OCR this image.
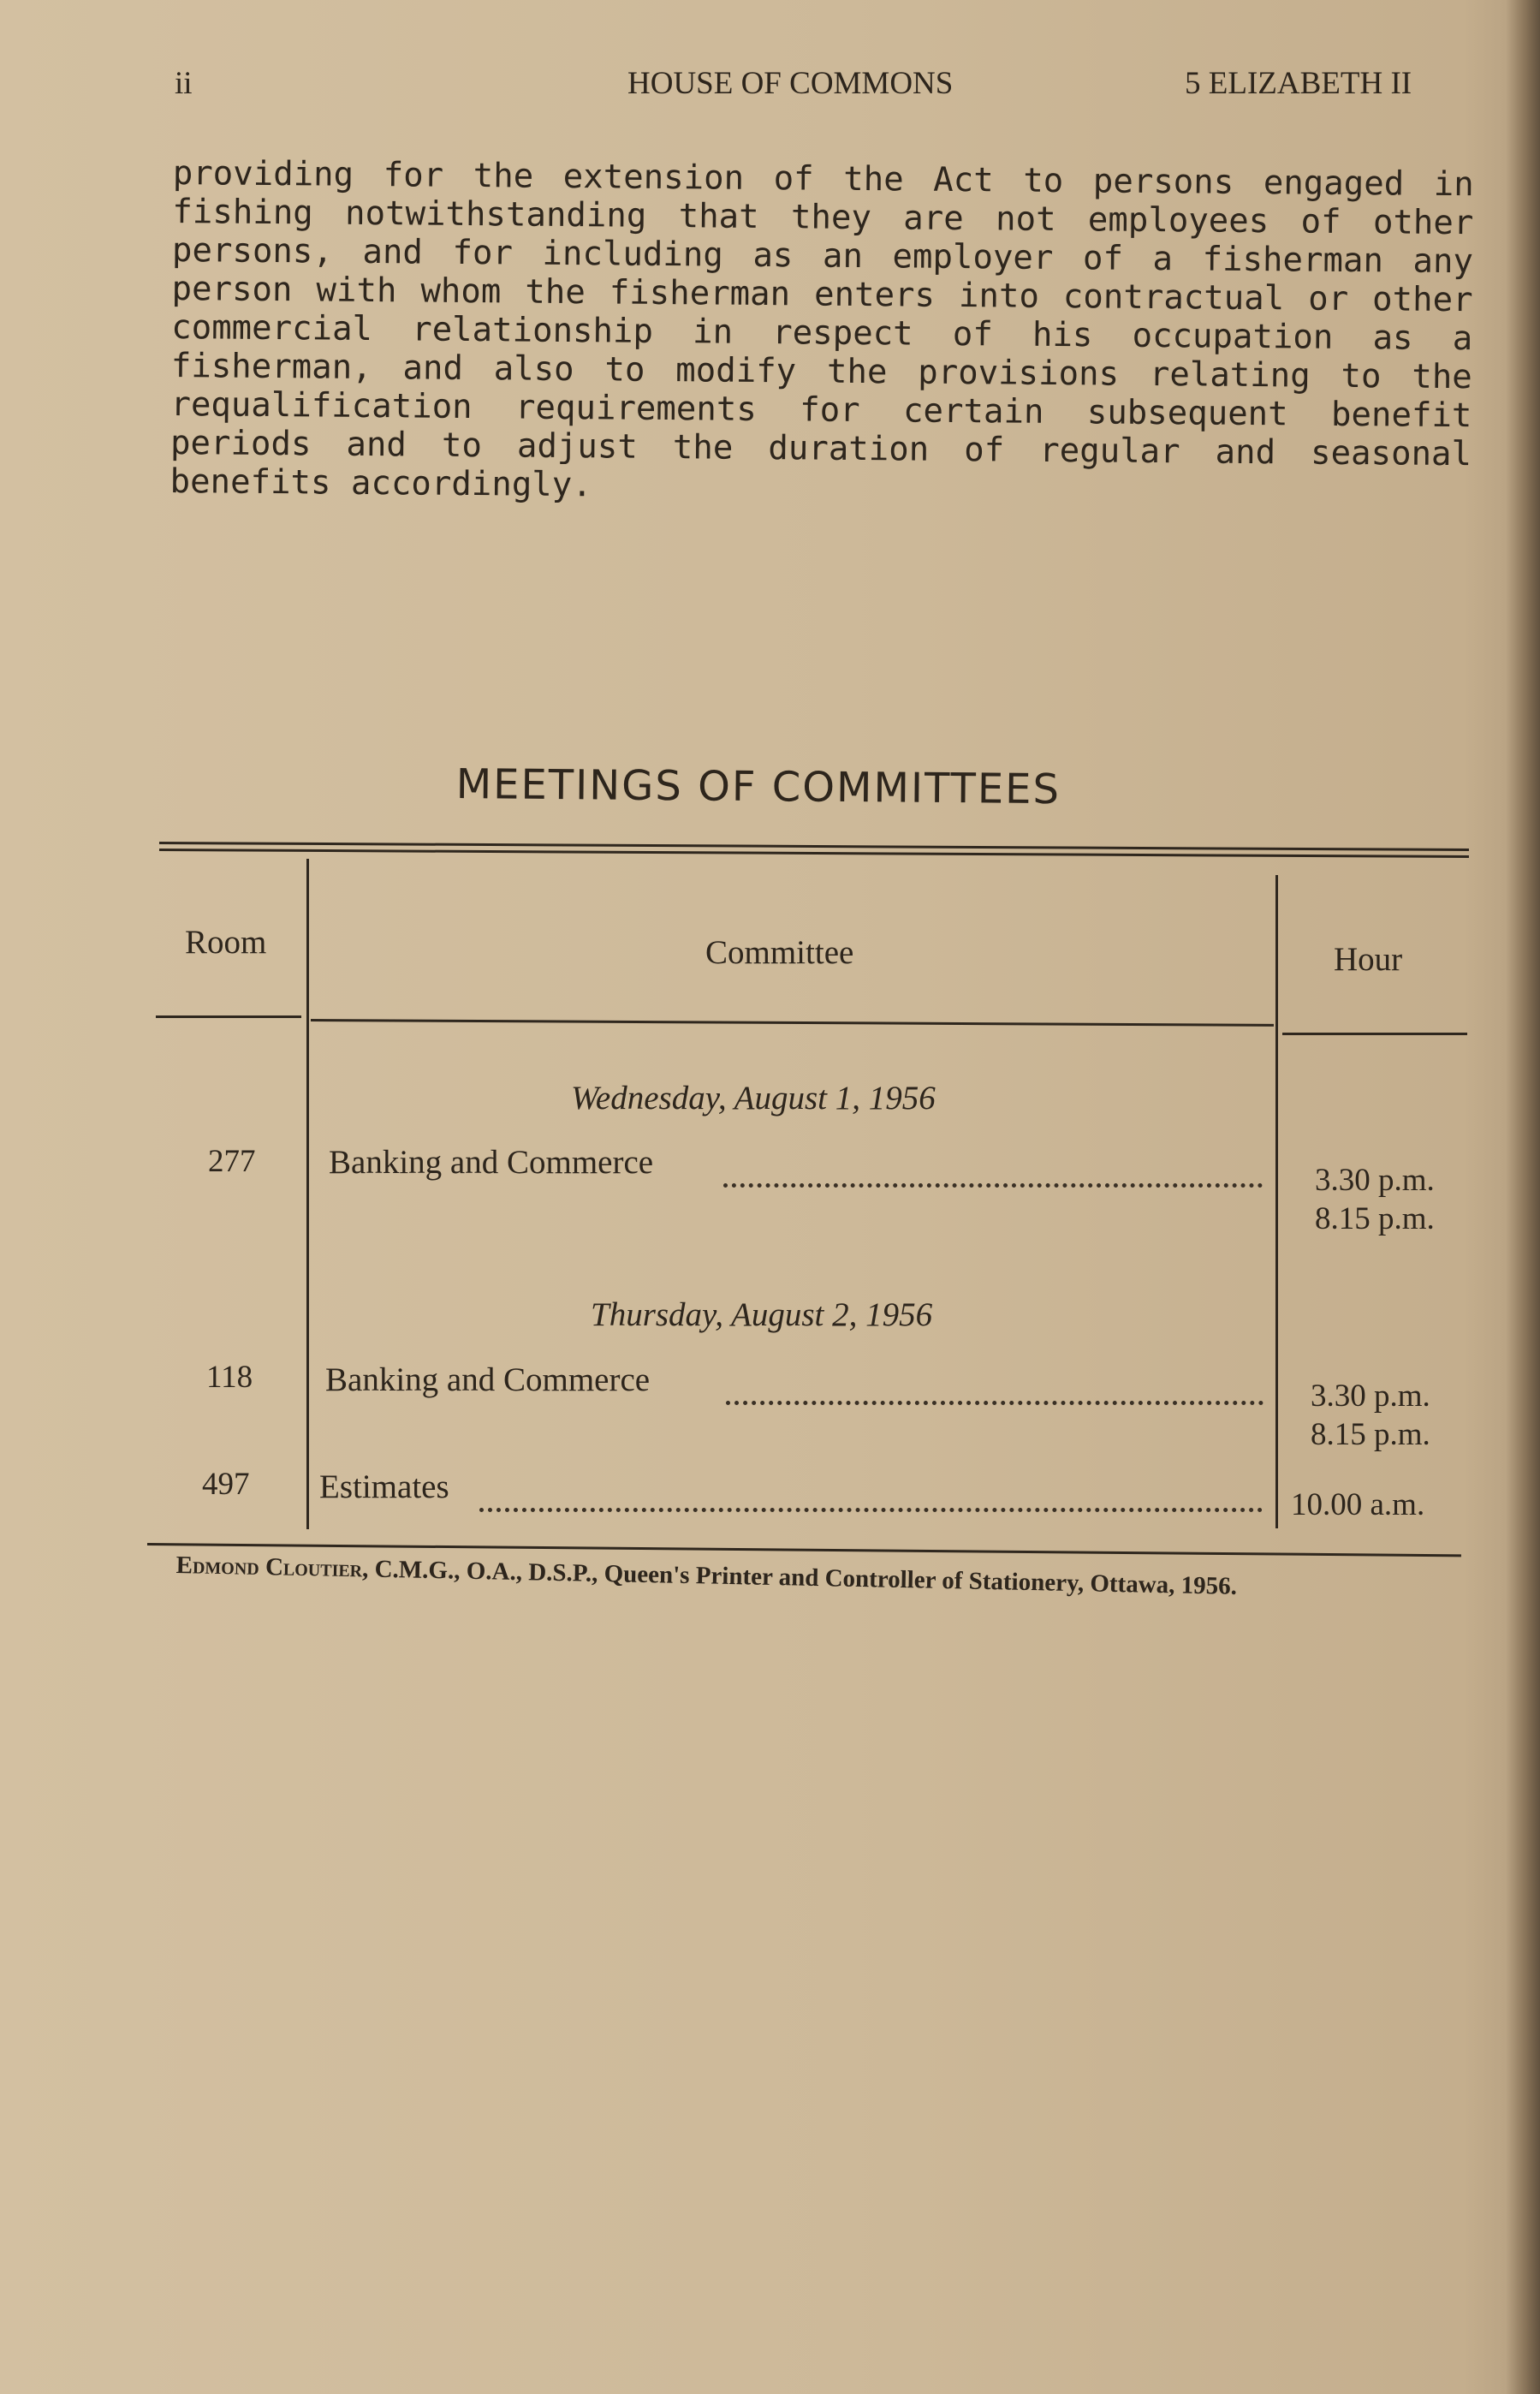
ii	HOUSE OF COMMONS	5 ELIZABETH II
providing for the extension of the Act to persons engaged in fishing notwithstanding that they are not employees of other persons, and for including as an employer of a fisherman any person with whom the fisherman enters into contractual or other commercial relationship in respect of his occupation as a fisherman, and also to modify the provisions relating to the requalification requirements for certain subsequent benefit periods and to adjust the duration of regular and seasonal benefits accordingly.
MEETINGS OF COMMITTEES
Room	Committee	Hour
Wednesday, August 1, 1956
277 Banking and Commerce	3.30 p.m.
8.15 p.m.
Thursday, August 2, 1956
118 Banking and Commerce	3.30 p.m.
8.15 p.m.
497 Estimates	10.00 a.m.
Edmond Cloutier, C.M.G., O.A., D.S.P., Queen's Printer and Controller of Stationery, Ottawa, 1956.
